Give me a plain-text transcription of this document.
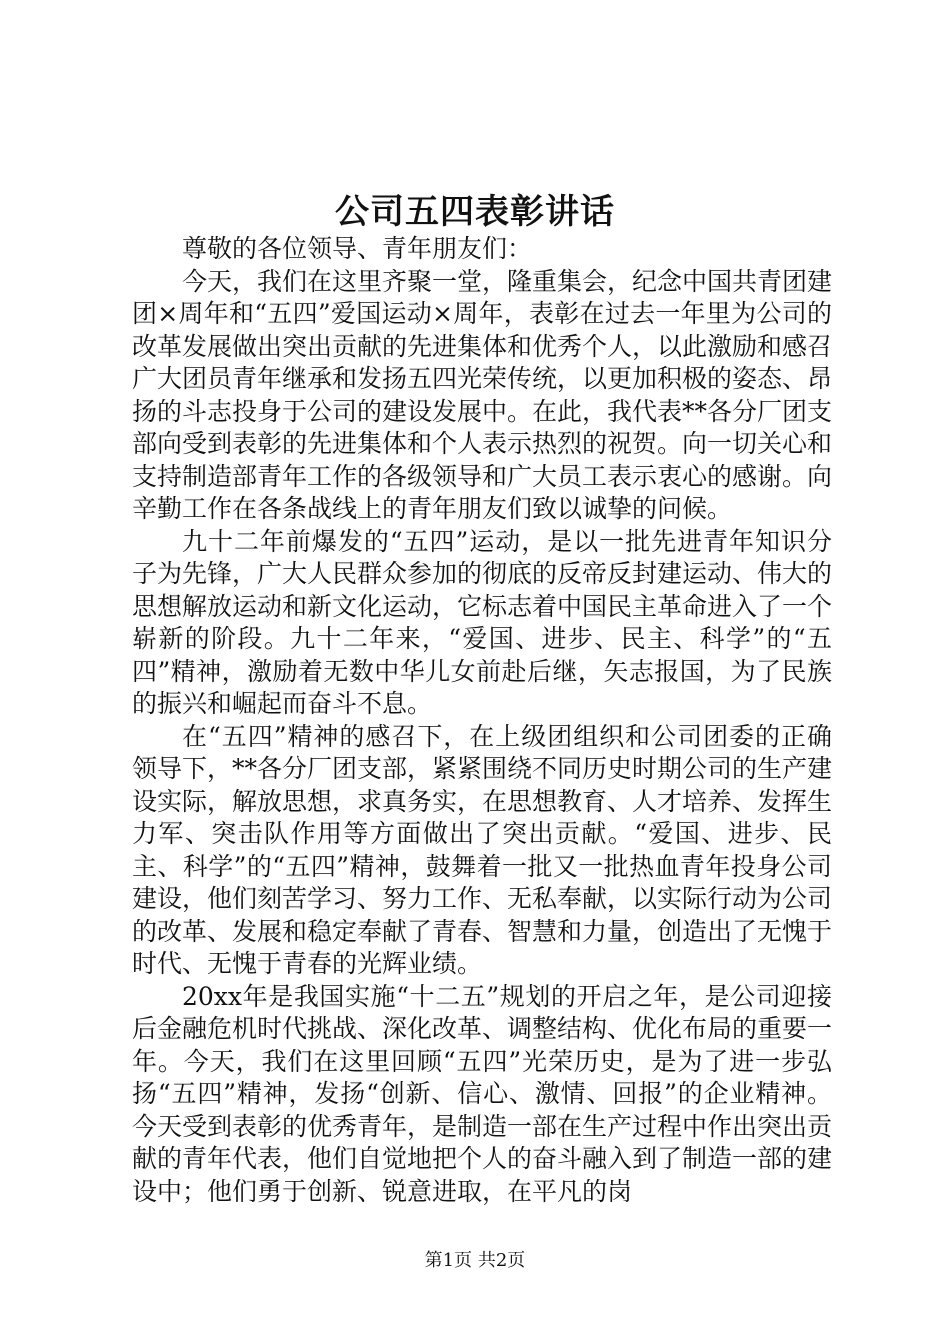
公司五四表彰讲话

尊敬的各位领导、青年朋友们：

今天，我们在这里齐聚一堂，隆重集会，纪念中国共青团建团×周年和“五四”爱国运动×周年，表彰在过去一年里为公司的改革发展做出突出贡献的先进集体和优秀个人，以此激励和感召广大团员青年继承和发扬五四光荣传统，以更加积极的姿态、昂扬的斗志投身于公司的建设发展中。在此，我代表**各分厂团支部向受到表彰的先进集体和个人表示热烈的祝贺。向一切关心和支持制造部青年工作的各级领导和广大员工表示衷心的感谢。向辛勤工作在各条战线上的青年朋友们致以诚挚的问候。

九十二年前爆发的“五四”运动，是以一批先进青年知识分子为先锋，广大人民群众参加的彻底的反帝反封建运动、伟大的思想解放运动和新文化运动，它标志着中国民主革命进入了一个崭新的阶段。九十二年来，“爱国、进步、民主、科学”的“五四”精神，激励着无数中华儿女前赴后继，矢志报国，为了民族的振兴和崛起而奋斗不息。

在“五四”精神的感召下，在上级团组织和公司团委的正确领导下，**各分厂团支部，紧紧围绕不同历史时期公司的生产建设实际，解放思想，求真务实，在思想教育、人才培养、发挥生力军、突击队作用等方面做出了突出贡献。“爱国、进步、民主、科学”的“五四”精神，鼓舞着一批又一批热血青年投身公司建设，他们刻苦学习、努力工作、无私奉献，以实际行动为公司的改革、发展和稳定奉献了青春、智慧和力量，创造出了无愧于时代、无愧于青春的光辉业绩。

20xx年是我国实施“十二五”规划的开启之年，是公司迎接后金融危机时代挑战、深化改革、调整结构、优化布局的重要一年。今天，我们在这里回顾“五四”光荣历史，是为了进一步弘扬“五四”精神，发扬“创新、信心、激情、回报”的企业精神。今天受到表彰的优秀青年，是制造一部在生产过程中作出突出贡献的青年代表，他们自觉地把个人的奋斗融入到了制造一部的建设中；他们勇于创新、锐意进取，在平凡的岗

第1页 共2页
